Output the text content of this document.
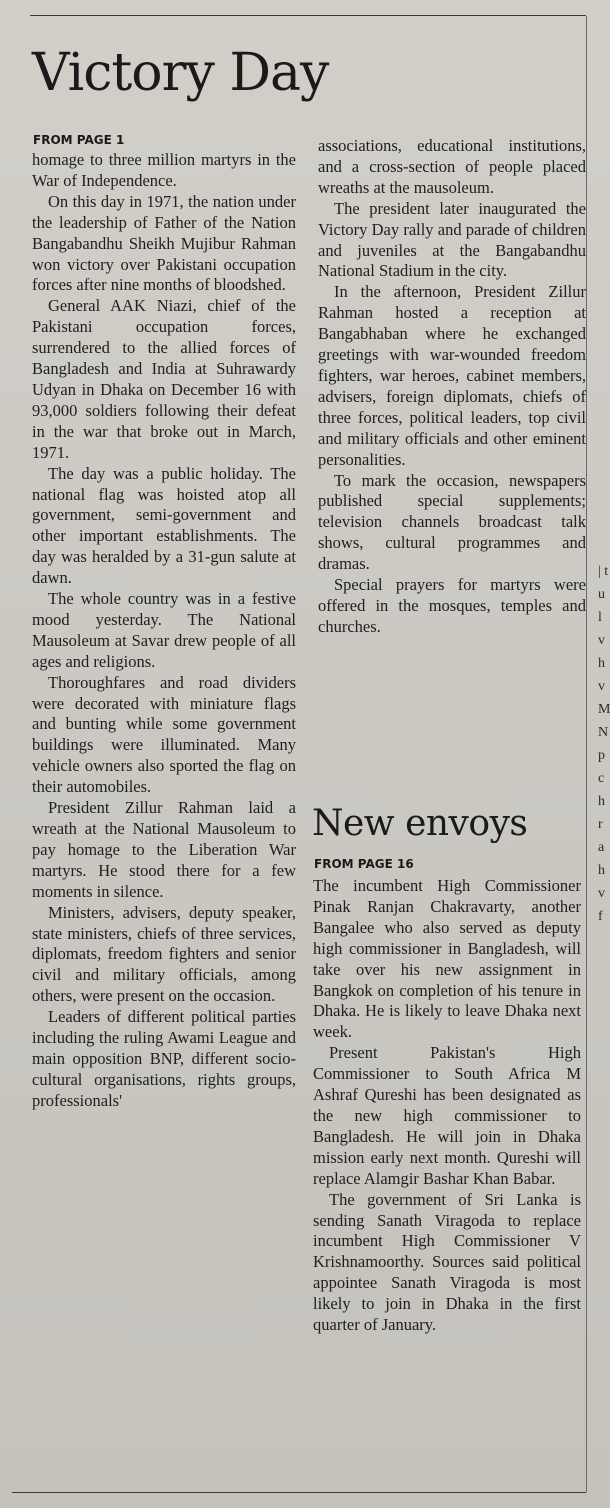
Victory Day
FROM PAGE 1

homage to three million martyrs in the War of Independence.

On this day in 1971, the nation under the leadership of Father of the Nation Bangabandhu Sheikh Mujibur Rahman won victory over Pakistani occupation forces after nine months of bloodshed.

General AAK Niazi, chief of the Pakistani occupation forces, surrendered to the allied forces of Bangladesh and India at Suhrawardy Udyan in Dhaka on December 16 with 93,000 soldiers following their defeat in the war that broke out in March, 1971.

The day was a public holiday. The national flag was hoisted atop all government, semi-government and other important establishments. The day was heralded by a 31-gun salute at dawn.

The whole country was in a festive mood yesterday. The National Mausoleum at Savar drew people of all ages and religions.

Thoroughfares and road dividers were decorated with miniature flags and bunting while some government buildings were illuminated. Many vehicle owners also sported the flag on their automobiles.

President Zillur Rahman laid a wreath at the National Mausoleum to pay homage to the Liberation War martyrs. He stood there for a few moments in silence.

Ministers, advisers, deputy speaker, state ministers, chiefs of three services, diplomats, freedom fighters and senior civil and military officials, among others, were present on the occasion.

Leaders of different political parties including the ruling Awami League and main opposition BNP, different socio-cultural organisations, rights groups, professionals'

associations, educational institutions, and a cross-section of people placed wreaths at the mausoleum.

The president later inaugurated the Victory Day rally and parade of children and juveniles at the Bangabandhu National Stadium in the city.

In the afternoon, President Zillur Rahman hosted a reception at Bangabhaban where he exchanged greetings with war-wounded freedom fighters, war heroes, cabinet members, advisers, foreign diplomats, chiefs of three forces, political leaders, top civil and military officials and other eminent personalities.

To mark the occasion, newspapers published special supplements; television channels broadcast talk shows, cultural programmes and dramas.

Special prayers for martyrs were offered in the mosques, temples and churches.

New envoys
FROM PAGE 16

The incumbent High Commissioner Pinak Ranjan Chakravarty, another Bangalee who also served as deputy high commissioner in Bangladesh, will take over his new assignment in Bangkok on completion of his tenure in Dhaka. He is likely to leave Dhaka next week.

Present Pakistan's High Commissioner to South Africa M Ashraf Qureshi has been designated as the new high commissioner to Bangladesh. He will join in Dhaka mission early next month. Qureshi will replace Alamgir Bashar Khan Babar.

The government of Sri Lanka is sending Sanath Viragoda to replace incumbent High Commissioner V Krishnamoorthy. Sources said political appointee Sanath Viragoda is most likely to join in Dhaka in the first quarter of January.

| t u l v h v M N p c h r a h v f
